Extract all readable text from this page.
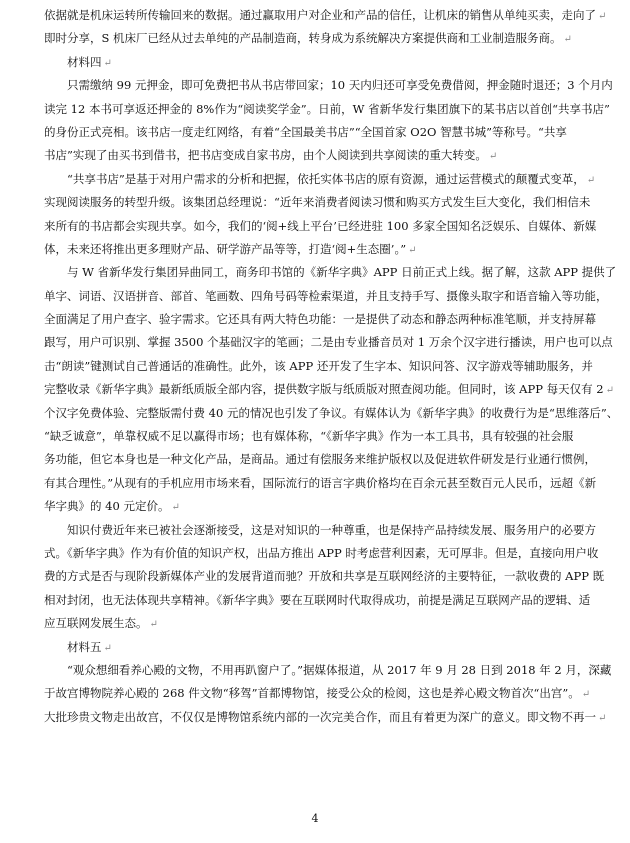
依据就是机床运转所传输回来的数据。通过赢取用户对企业和产品的信任，让机床的销售从单纯买卖，走向了 ↵
即时分享，S 机床厂已经从过去单纯的产品制造商，转身成为系统解决方案提供商和工业制造服务商。 ↵
材料四 ↵
只需缴纳 99 元押金，即可免费把书从书店带回家；10 天内归还可享受免费借阅，押金随时退还；3 个月内
读完 12 本书可享返还押金的 8%作为“阅读奖学金”。日前，W 省新华发行集团旗下的某书店以首创“共享书店”
的身份正式亮相。该书店一度走红网络，有着“全国最美书店”“全国首家 O2O 智慧书城”等称号。“共享
书店”实现了由买书到借书，把书店变成自家书房，由个人阅读到共享阅读的重大转变。 ↵
“共享书店”是基于对用户需求的分析和把握，依托实体书店的原有资源，通过运营模式的颠覆式变革， ↵
实现阅读服务的转型升级。该集团总经理说：“近年来消费者阅读习惯和购买方式发生巨大变化，我们相信未
来所有的书店都会实现共享。如今，我们的‘阅+线上平台’已经进驻 100 多家全国知名泛娱乐、自媒体、新媒
体，未来还将推出更多理财产品、研学游产品等等，打造‘阅+生态圈’。” ↵
与 W 省新华发行集团异曲同工，商务印书馆的《新华字典》APP 日前正式上线。据了解，这款 APP 提供了
单字、词语、汉语拼音、部首、笔画数、四角号码等检索渠道，并且支持手写、摄像头取字和语音输入等功能，
全面满足了用户查字、验字需求。它还具有两大特色功能：一是提供了动态和静态两种标准笔顺，并支持屏幕
跟写，用户可识别、掌握 3500 个基础汉字的笔画；二是由专业播音员对 1 万余个汉字进行播读，用户也可以点
击“朗读”键测试自己普通话的准确性。此外，该 APP 还开发了生字本、知识问答、汉字游戏等辅助服务，并
完整收录《新华字典》最新纸质版全部内容，提供数字版与纸质版对照查阅功能。但同时，该 APP 每天仅有 2 ↵
个汉字免费体验、完整版需付费 40 元的情况也引发了争议。有媒体认为《新华字典》的收费行为是“思维落后”、
“缺乏诚意”，单靠权威不足以赢得市场；也有媒体称，“《新华字典》作为一本工具书，具有较强的社会服
务功能，但它本身也是一种文化产品，是商品。通过有偿服务来维护版权以及促进软件研发是行业通行惯例，
有其合理性。”从现有的手机应用市场来看，国际流行的语言字典价格均在百余元甚至数百元人民币，远超《新
华字典》的 40 元定价。 ↵
知识付费近年来已被社会逐渐接受，这是对知识的一种尊重，也是保持产品持续发展、服务用户的必要方
式。《新华字典》作为有价值的知识产权，出品方推出 APP 时考虑营利因素，无可厚非。但是，直接向用户收
费的方式是否与现阶段新媒体产业的发展背道而驰？开放和共享是互联网经济的主要特征，一款收费的 APP 既
相对封闭，也无法体现共享精神。《新华字典》要在互联网时代取得成功，前提是满足互联网产品的逻辑、适
应互联网发展生态。 ↵
材料五 ↵
“观众想细看养心殿的文物，不用再趴窗户了。”据媒体报道，从 2017 年 9 月 28 日到 2018 年 2 月，深藏
于故宫博物院养心殿的 268 件文物“移驾”首都博物馆，接受公众的检阅，这也是养心殿文物首次“出宫”。 ↵
大批珍贵文物走出故宫，不仅仅是博物馆系统内部的一次完美合作，而且有着更为深广的意义。即文物不再一 ↵
4
